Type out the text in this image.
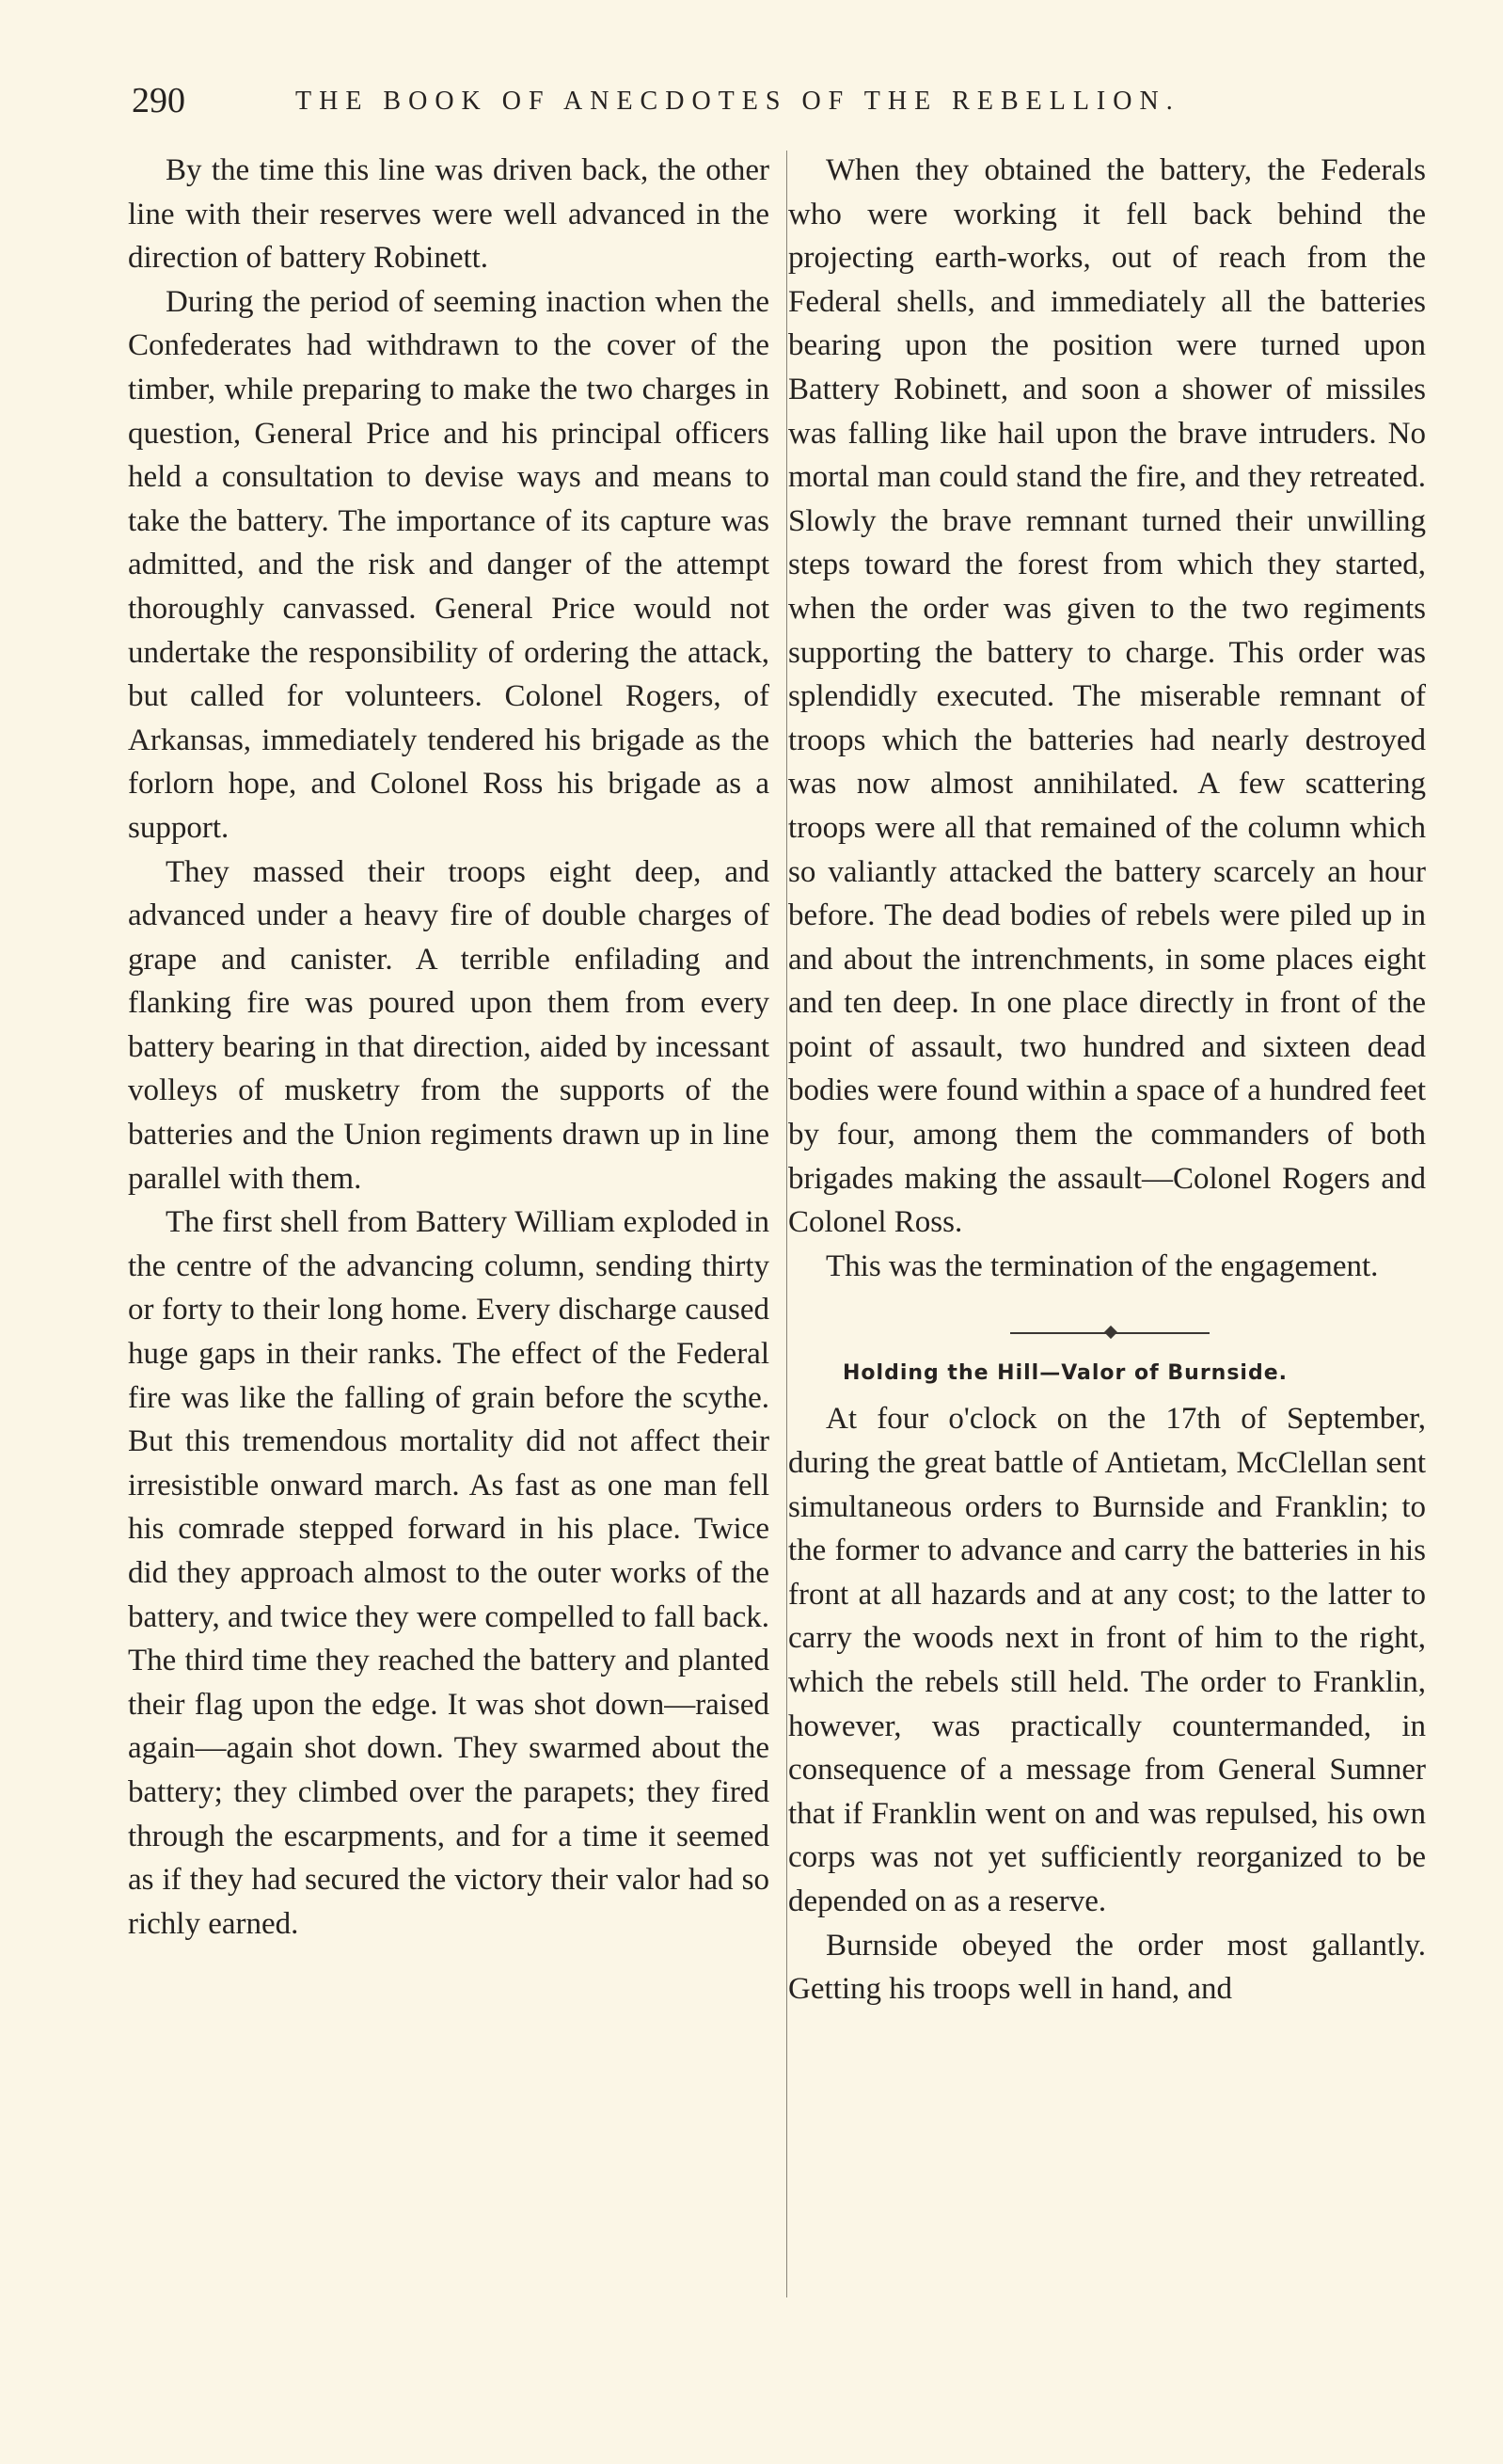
290	THE BOOK OF ANECDOTES OF THE REBELLION.

By the time this line was driven back, the other line with their reserves were well advanced in the direction of battery Robinett.

During the period of seeming inaction when the Confederates had withdrawn to the cover of the timber, while preparing to make the two charges in question, General Price and his principal officers held a consultation to devise ways and means to take the battery. The importance of its capture was admitted, and the risk and danger of the attempt thoroughly canvassed. General Price would not undertake the responsibility of ordering the attack, but called for volunteers. Colonel Rogers, of Arkansas, immediately tendered his brigade as the forlorn hope, and Colonel Ross his brigade as a support.

They massed their troops eight deep, and advanced under a heavy fire of double charges of grape and canister. A terrible enfilading and flanking fire was poured upon them from every battery bearing in that direction, aided by incessant volleys of musketry from the supports of the batteries and the Union regiments drawn up in line parallel with them.

The first shell from Battery William exploded in the centre of the advancing column, sending thirty or forty to their long home. Every discharge caused huge gaps in their ranks. The effect of the Federal fire was like the falling of grain before the scythe. But this tremendous mortality did not affect their irresistible onward march. As fast as one man fell his comrade stepped forward in his place. Twice did they approach almost to the outer works of the battery, and twice they were compelled to fall back. The third time they reached the battery and planted their flag upon the edge. It was shot down—raised again—again shot down. They swarmed about the battery; they climbed over the parapets; they fired through the escarpments, and for a time it seemed as if they had secured the victory their valor had so richly earned.

When they obtained the battery, the Federals who were working it fell back behind the projecting earth-works, out of reach from the Federal shells, and immediately all the batteries bearing upon the position were turned upon Battery Robinett, and soon a shower of missiles was falling like hail upon the brave intruders. No mortal man could stand the fire, and they retreated. Slowly the brave remnant turned their unwilling steps toward the forest from which they started, when the order was given to the two regiments supporting the battery to charge. This order was splendidly executed. The miserable remnant of troops which the batteries had nearly destroyed was now almost annihilated. A few scattering troops were all that remained of the column which so valiantly attacked the battery scarcely an hour before. The dead bodies of rebels were piled up in and about the intrenchments, in some places eight and ten deep. In one place directly in front of the point of assault, two hundred and sixteen dead bodies were found within a space of a hundred feet by four, among them the commanders of both brigades making the assault—Colonel Rogers and Colonel Ross.

This was the termination of the engagement.

Holding the Hill—Valor of Burnside.

At four o'clock on the 17th of September, during the great battle of Antietam, McClellan sent simultaneous orders to Burnside and Franklin; to the former to advance and carry the batteries in his front at all hazards and at any cost; to the latter to carry the woods next in front of him to the right, which the rebels still held. The order to Franklin, however, was practically countermanded, in consequence of a message from General Sumner that if Franklin went on and was repulsed, his own corps was not yet sufficiently reorganized to be depended on as a reserve.

Burnside obeyed the order most gallantly. Getting his troops well in hand, and
